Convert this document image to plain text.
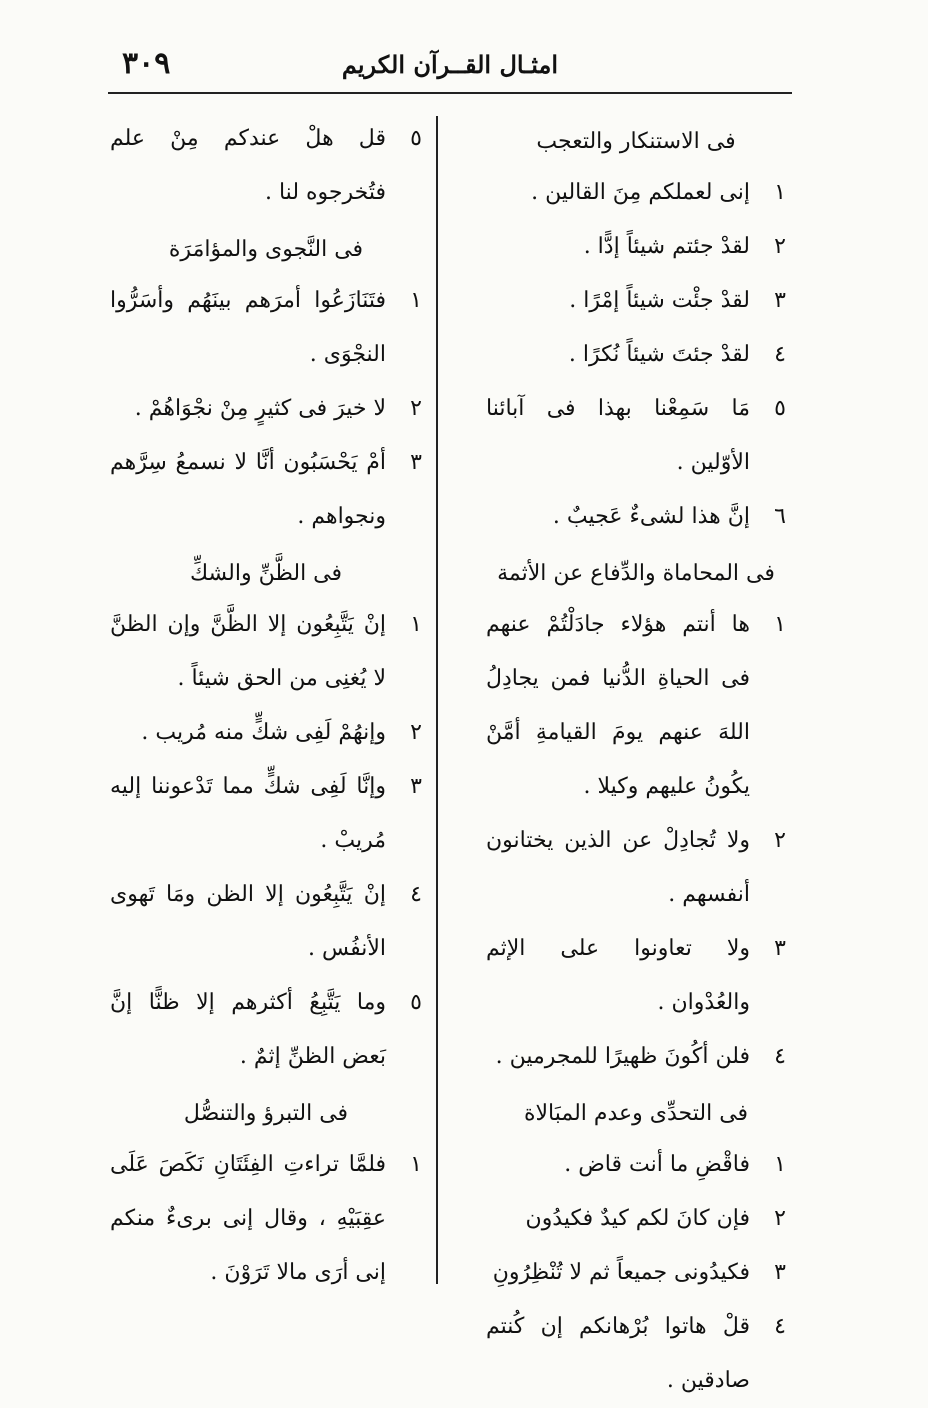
٣٠٩	امثـال القــرآن الكريم
فى الاستنكار والتعجب
١
إنى لعملكم مِنَ القالين .
٢
لقدْ جئتم شيئاً إدًّا .
٣
لقدْ جئْت شيئاً إمْرًا .
٤
لقدْ جئتَ شيئاً نُكرًا .
٥
مَا سَمِعْنا بهذا فى آبائنا الأوّلين .
٦
إنَّ هذا لشىءٌ عَجيبٌ .
فى المحاماة والدِّفاع عن الأثمة
١
ها أنتم هؤلاء جادَلْتُمْ عنهم فى الحياةِ الدُّنيا فمن يجادِلُ اللهَ عنهم يومَ القيامةِ أمَّنْ يكُونُ عليهم وكيلا .
٢
ولا تُجادِلْ عن الذين يختانون أنفسهم .
٣
ولا تعاونوا على الإثم والعُدْوان .
٤
فلن أكُونَ ظهيرًا للمجرمين .
فى التحدِّى وعدم المبَالاة
١
فاقْضِ ما أنت قاض .
٢
فإن كانَ لكم كيدٌ فكيدُون
٣
فكيدُونى جميعاً ثم لا تُنْظِرُونِ
٤
قلْ هاتوا بُرْهانكم إن كُنتم صادقين .
٥
قل هلْ عندكم مِنْ علم فتُخرجوه لنا .
فى النَّجوى والمؤامَرَة
١
فتَنَازَعُوا أمرَهم بينَهُم وأسَرُّوا النجْوَى .
٢
لا خيرَ فى كثيرٍ مِنْ نجْوَاهُمْ .
٣
أمْ يَحْسَبُون أنَّا لا نسمعُ سِرَّهم ونجواهم .
فى الظَّنِّ والشكِّ
١
إنْ يَتَّبِعُون إلا الظَّنَّ وإن الظنَّ لا يُغنِى من الحق شيئاً .
٢
وإنهُمْ لَفِى شكٍّ منه مُريب .
٣
وإنَّا لَفِى شكٍّ مما تَدْعوننا إليه مُريبْ .
٤
إنْ يَتَّبِعُون إلا الظن ومَا تَهوى الأنفُس .
٥
وما يَتَّبِعُ أكثرهم إلا ظنًّا إنَّ بَعض الظنِّ إثمٌ .
فى التبرؤ والتنصُّل
١
فلمَّا تراءتِ الفِئَتَانِ نَكَصَ عَلَى عقِبَيْهِ ، وقال إنى برىءٌ منكم إنى أرَى مالا تَرَوْنَ .
